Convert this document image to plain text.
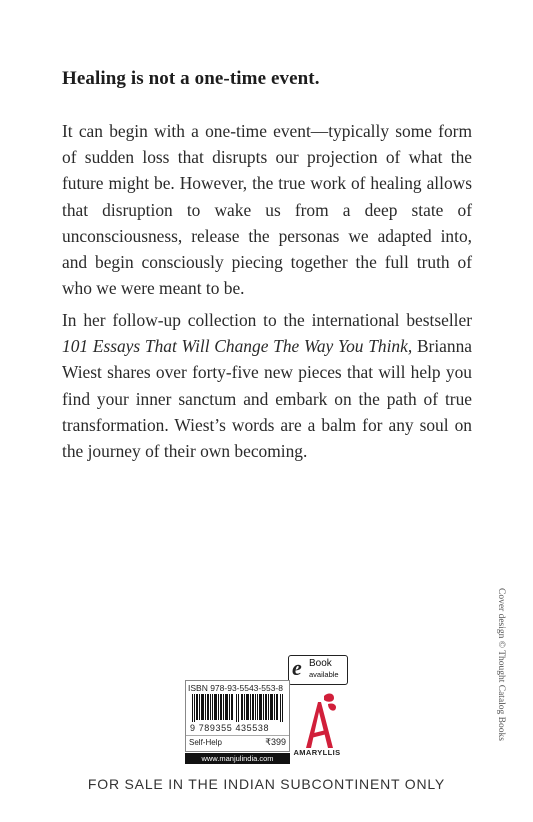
Healing is not a one-time event.

It can begin with a one-time event—typically some form of sudden loss that disrupts our projection of what the future might be. However, the true work of healing allows that disruption to wake us from a deep state of unconsciousness, release the personas we adapted into, and begin consciously piecing together the full truth of who we were meant to be.

In her follow-up collection to the international bestseller 101 Essays That Will Change The Way You Think, Brianna Wiest shares over forty-five new pieces that will help you find your inner sanctum and embark on the path of true transformation. Wiest’s words are a balm for any soul on the journey of their own becoming.

Cover design © Thought Catalog Books
e Book
available
ISBN 978-93-5543-553-8
9 789355 435538
Self-Help	₹399
www.manjulindia.com
AMARYLLIS
FOR SALE IN THE INDIAN SUBCONTINENT ONLY
